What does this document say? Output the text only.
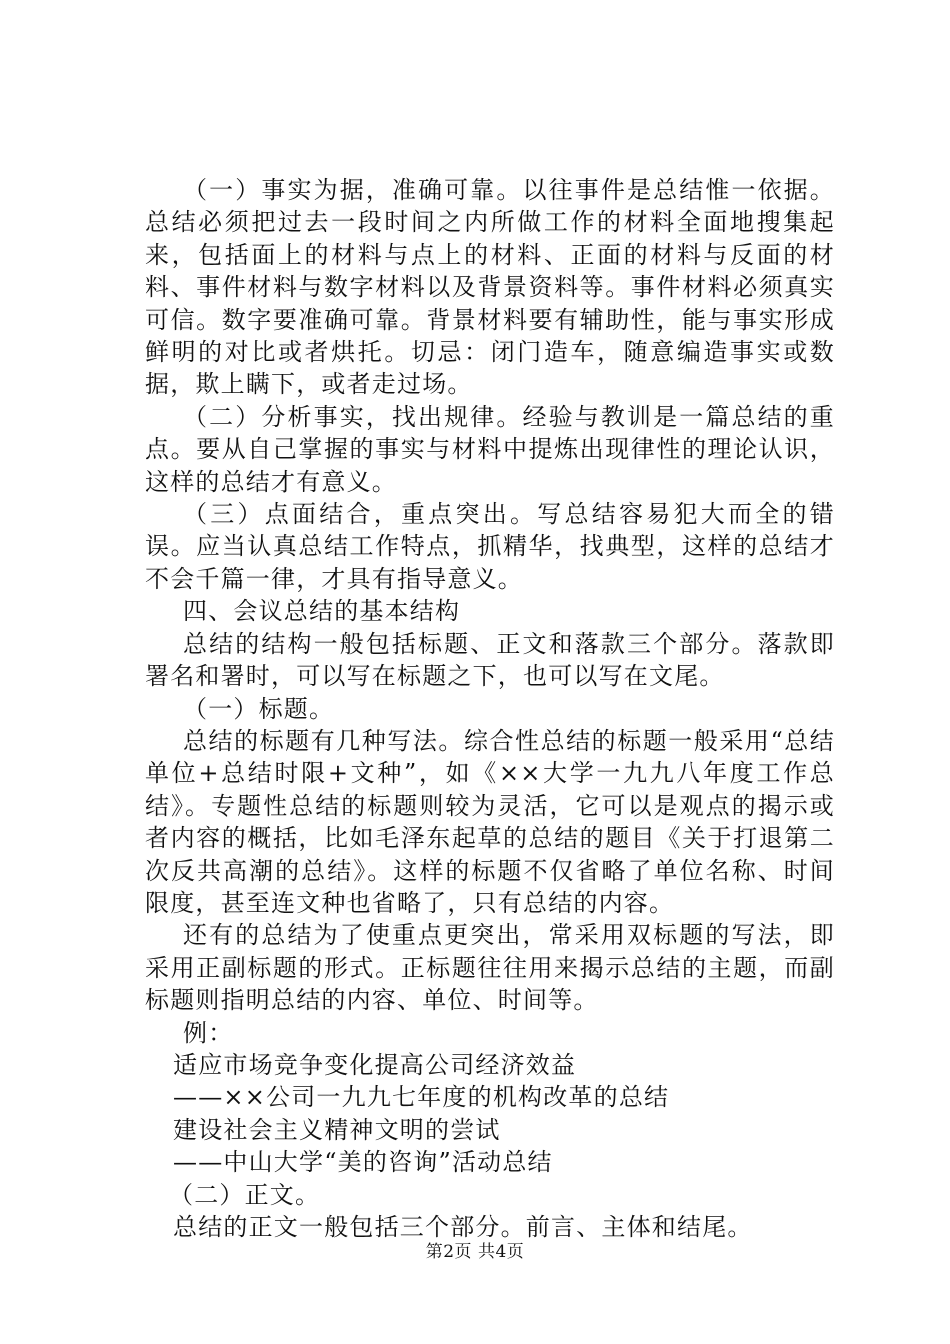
（一）事实为据，准确可靠。以往事件是总结惟一依据。总结必须把过去一段时间之内所做工作的材料全面地搜集起来，包括面上的材料与点上的材料、正面的材料与反面的材料、事件材料与数字材料以及背景资料等。事件材料必须真实可信。数字要准确可靠。背景材料要有辅助性，能与事实形成鲜明的对比或者烘托。切忌：闭门造车，随意编造事实或数据，欺上瞒下，或者走过场。

（二）分析事实，找出规律。经验与教训是一篇总结的重点。要从自己掌握的事实与材料中提炼出现律性的理论认识，这样的总结才有意义。

（三）点面结合，重点突出。写总结容易犯大而全的错误。应当认真总结工作特点，抓精华，找典型，这样的总结才不会千篇一律，才具有指导意义。

四、会议总结的基本结构

总结的结构一般包括标题、正文和落款三个部分。落款即署名和署时，可以写在标题之下，也可以写在文尾。

（一）标题。

总结的标题有几种写法。综合性总结的标题一般采用“总结单位+总结时限+文种”，如《××大学一九九八年度工作总结》。专题性总结的标题则较为灵活，它可以是观点的揭示或者内容的概括，比如毛泽东起草的总结的题目《关于打退第二次反共高潮的总结》。这样的标题不仅省略了单位名称、时间限度，甚至连文种也省略了，只有总结的内容。

还有的总结为了使重点更突出，常采用双标题的写法，即采用正副标题的形式。正标题往往用来揭示总结的主题，而副标题则指明总结的内容、单位、时间等。

例：

适应市场竞争变化提高公司经济效益

——××公司一九九七年度的机构改革的总结

建设社会主义精神文明的尝试

——中山大学“美的咨询”活动总结

（二）正文。

总结的正文一般包括三个部分。前言、主体和结尾。

第2页 共4页
